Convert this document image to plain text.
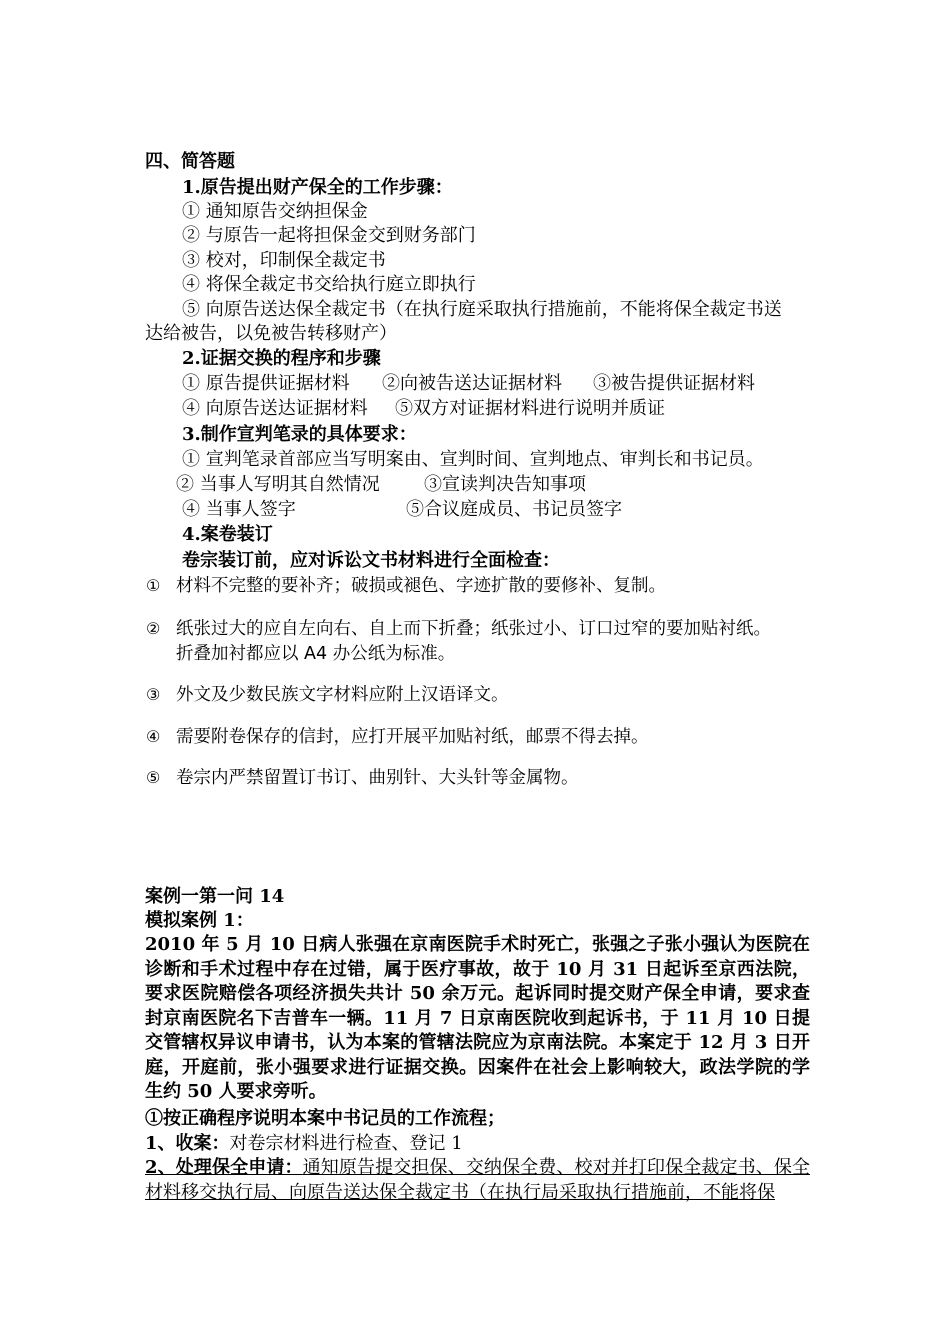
四、简答题
1.原告提出财产保全的工作步骤：
① 通知原告交纳担保金
② 与原告一起将担保金交到财务部门
③ 校对，印制保全裁定书
④ 将保全裁定书交给执行庭立即执行
⑤ 向原告送达保全裁定书（在执行庭采取执行措施前，不能将保全裁定书送
达给被告，以免被告转移财产）
2.证据交换的程序和步骤
① 原告提供证据材料 ②向被告送达证据材料 ③被告提供证据材料
④ 向原告送达证据材料 ⑤双方对证据材料进行说明并质证
3.制作宣判笔录的具体要求：
① 宣判笔录首部应当写明案由、宣判时间、宣判地点、审判长和书记员。
② 当事人写明其自然情况 ③宣读判决告知事项
④ 当事人签字	⑤合议庭成员、书记员签字
4.案卷装订
卷宗装订前，应对诉讼文书材料进行全面检查：
① 材料不完整的要补齐；破损或褪色、字迹扩散的要修补、复制。
② 纸张过大的应自左向右、自上而下折叠；纸张过小、订口过窄的要加贴衬纸。
折叠加衬都应以 A4 办公纸为标准。
③ 外文及少数民族文字材料应附上汉语译文。
④ 需要附卷保存的信封，应打开展平加贴衬纸，邮票不得去掉。
⑤ 卷宗内严禁留置订书订、曲别针、大头针等金属物。
案例一第一问 14
模拟案例 1：
2010 年 5 月 10 日病人张强在京南医院手术时死亡，张强之子张小强认为医院在诊断和手术过程中存在过错，属于医疗事故，故于 10 月 31 日起诉至京西法院，要求医院赔偿各项经济损失共计 50 余万元。起诉同时提交财产保全申请，要求查封京南医院名下吉普车一辆。11 月 7 日京南医院收到起诉书，于 11 月 10 日提交管辖权异议申请书，认为本案的管辖法院应为京南法院。本案定于 12 月 3 日开庭，开庭前，张小强要求进行证据交换。因案件在社会上影响较大，政法学院的学生约 50 人要求旁听。
①按正确程序说明本案中书记员的工作流程；
1、收案：对卷宗材料进行检查、登记 1
2、处理保全申请：通知原告提交担保、交纳保全费、校对并打印保全裁定书、保全材料移交执行局、向原告送达保全裁定书（在执行局采取执行措施前，不能将保
